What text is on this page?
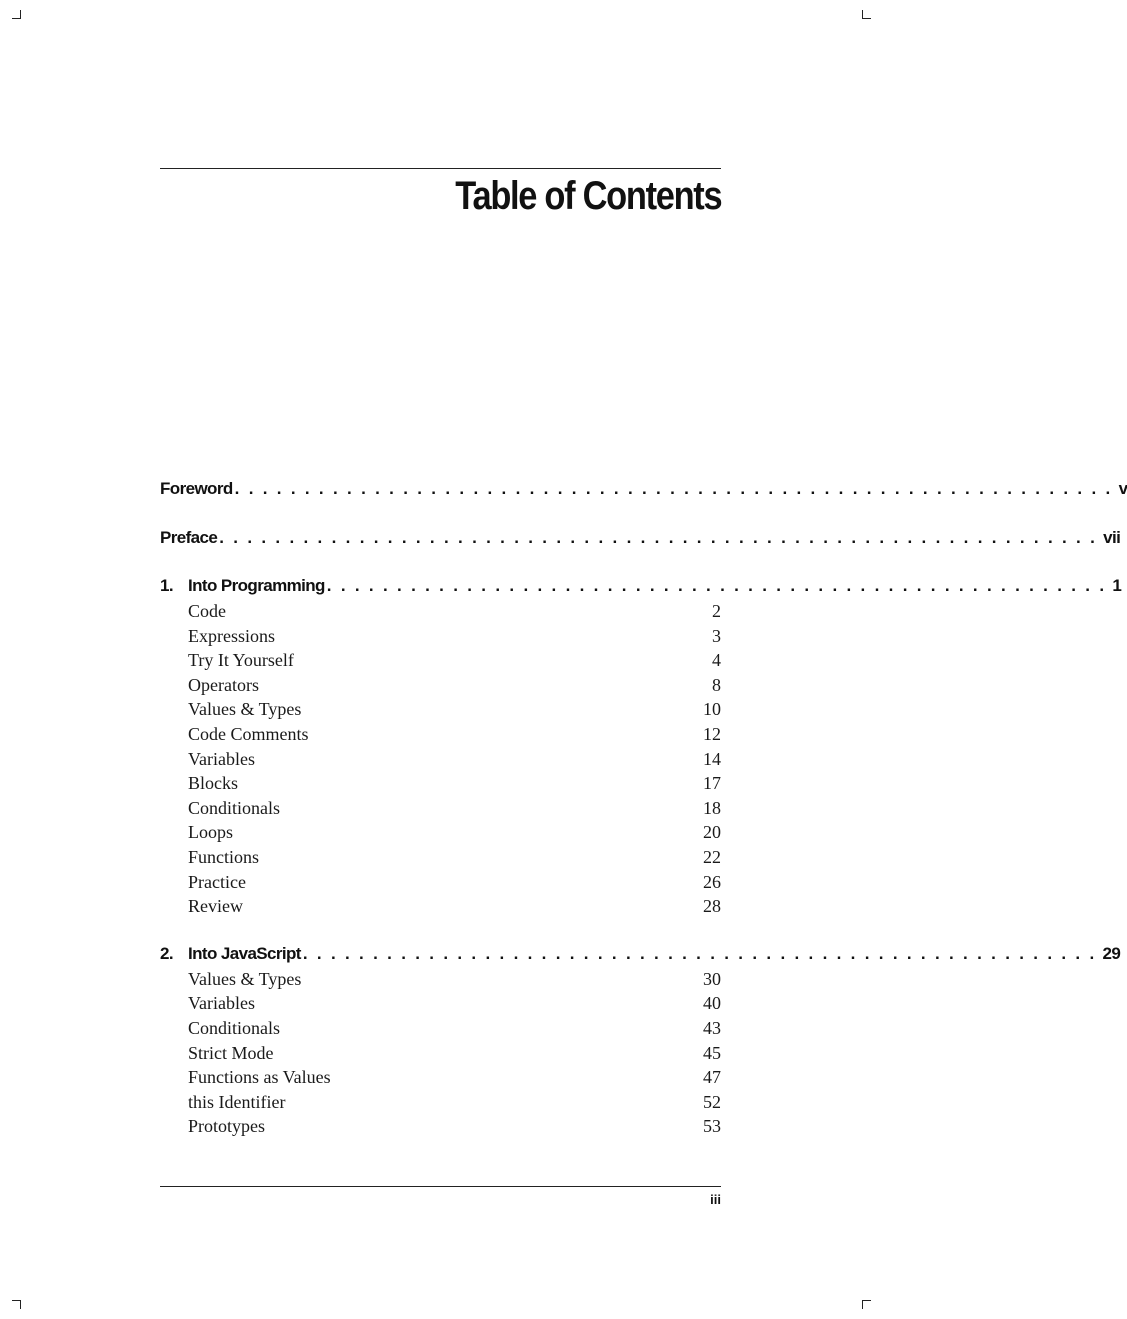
Table of Contents
Foreword . . . . . . . . . . . . . . . . . . . . . . . . . . . . . . . . . . . . . . . . . . . . . . . . . . . . . . . . . . . . . . . v
Preface . . . . . . . . . . . . . . . . . . . . . . . . . . . . . . . . . . . . . . . . . . . . . . . . . . . . . . . . . . . . . . . vii
1. Into Programming . . . . . . . . . . . . . . . . . . . . . . . . . . . . . . . . . . . . . . . . . . . . . . . . . . . . . . . . 1
Code	2
Expressions	3
Try It Yourself	4
Operators	8
Values & Types	10
Code Comments	12
Variables	14
Blocks	17
Conditionals	18
Loops	20
Functions	22
Practice	26
Review	28
2. Into JavaScript . . . . . . . . . . . . . . . . . . . . . . . . . . . . . . . . . . . . . . . . . . . . . . . . . . . . . . . . . 29
Values & Types	30
Variables	40
Conditionals	43
Strict Mode	45
Functions as Values	47
this Identifier	52
Prototypes	53
iii
